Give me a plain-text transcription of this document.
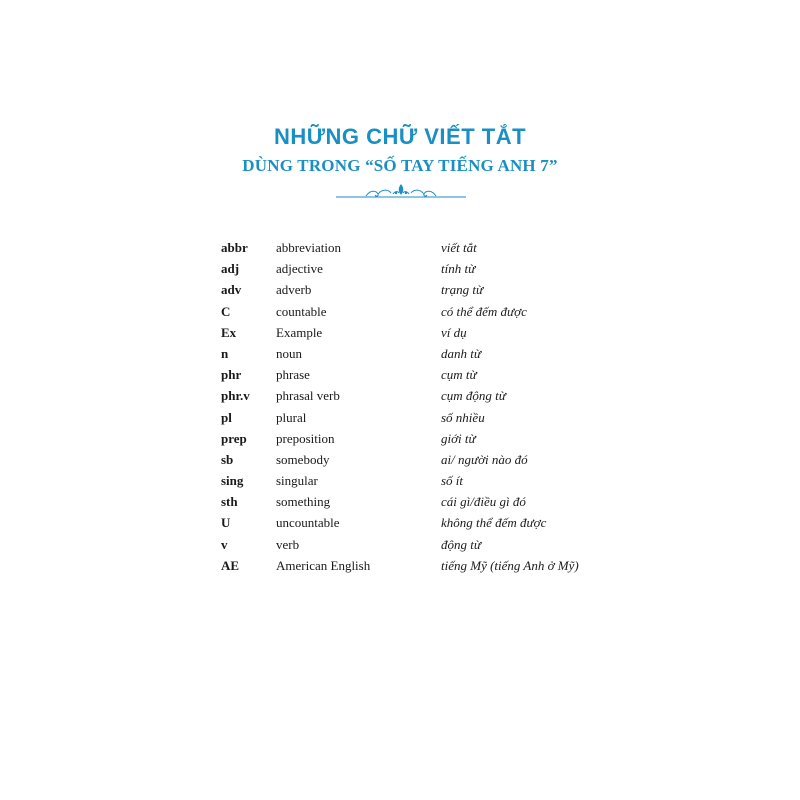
NHỮNG CHỮ VIẾT TẮT
DÙNG TRONG “SỐ TAY TIẾNG ANH 7”
abbr	abbreviation	viết tắt
adj	adjective	tính từ
adv	adverb	trạng từ
C	countable	có thể đếm được
Ex	Example	ví dụ
n	noun	danh từ
phr	phrase	cụm từ
phr.v	phrasal verb	cụm động từ
pl	plural	số nhiều
prep	preposition	giới từ
sb	somebody	ai/ người nào đó
sing	singular	số ít
sth	something	cái gì/điều gì đó
U	uncountable	không thể đếm được
v	verb	động từ
AE	American English	tiếng Mỹ (tiếng Anh ở Mỹ)
